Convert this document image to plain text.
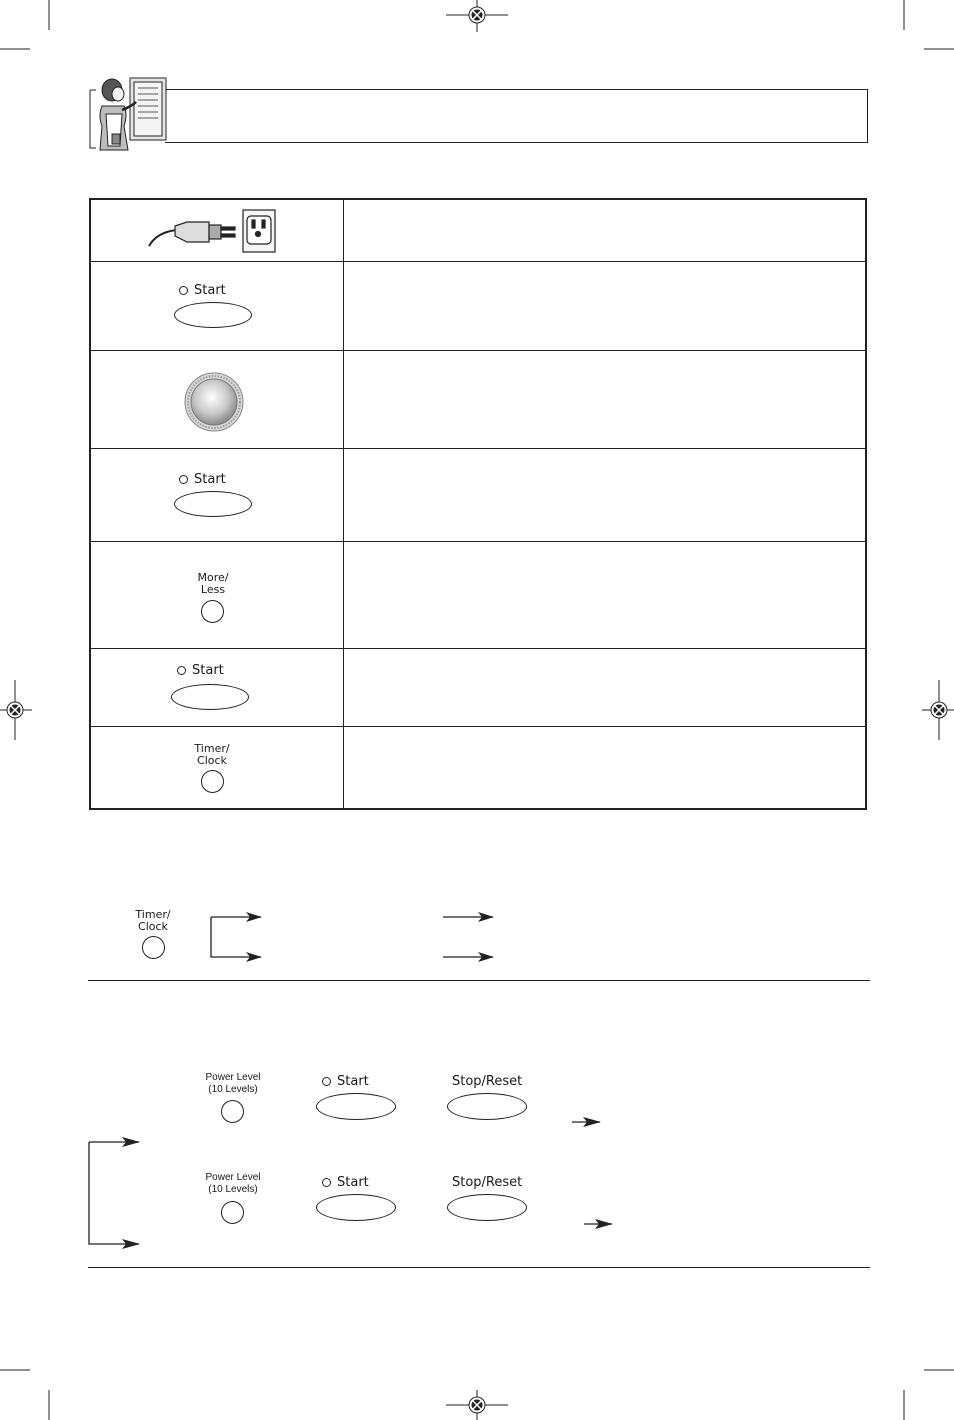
Start	

Start	

More/
Less	

Start	

Timer/
Clock	

Timer/
Clock
Power Level
(10 Levels)
Start	Stop/Reset
Power Level
(10 Levels)	Start	Stop/Reset
